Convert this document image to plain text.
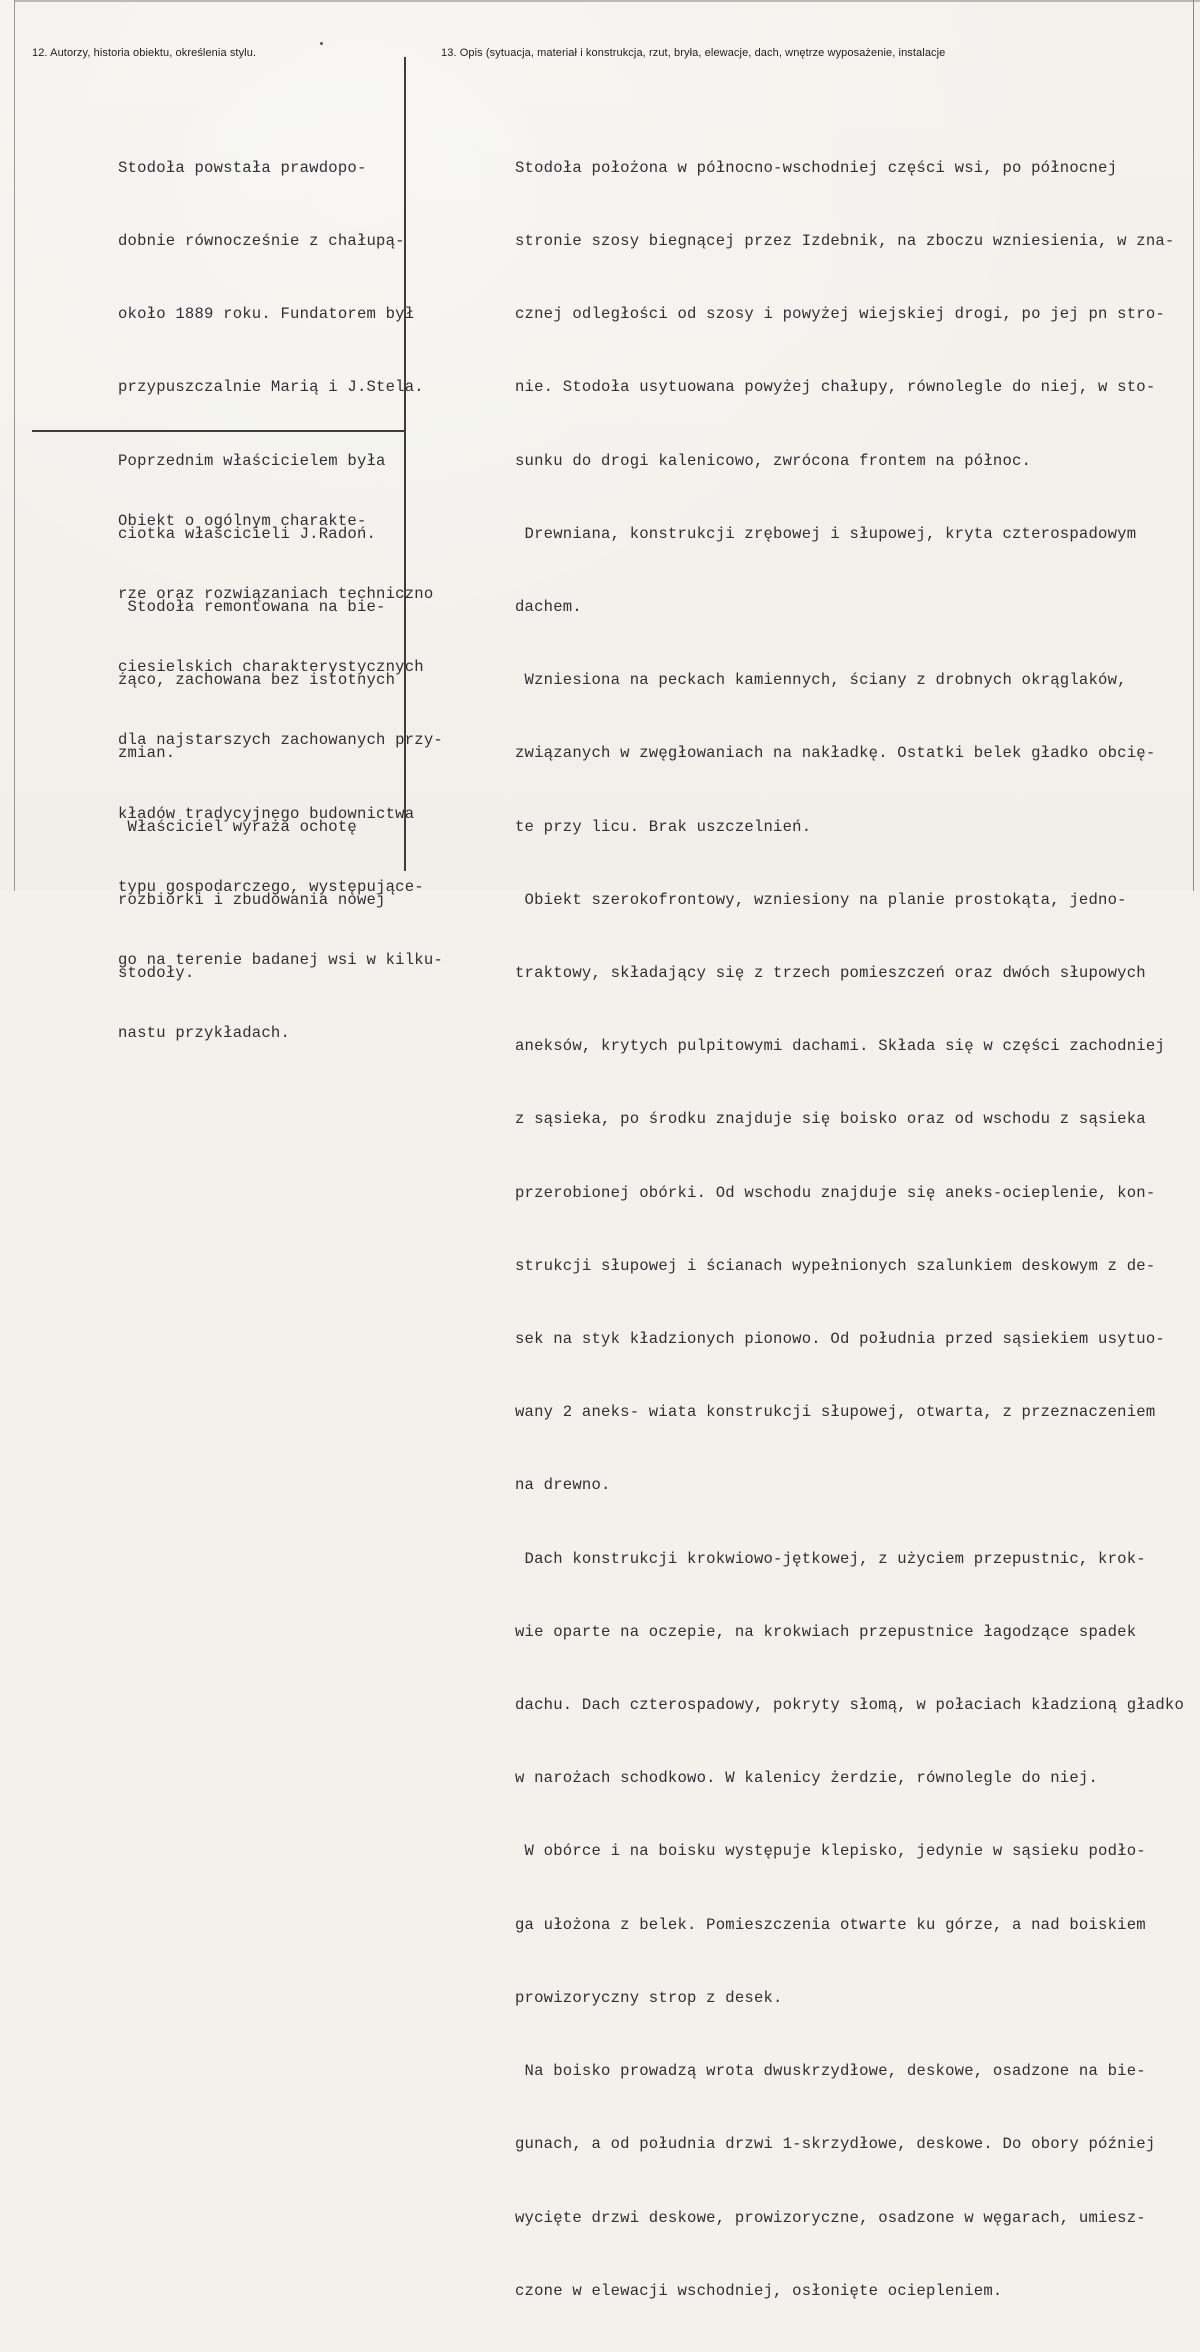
12. Autorzy, historia obiektu, określenia stylu.	13. Opis (sytuacja, materiał i konstrukcja, rzut, bryła, elewacje, dach, wnętrze wyposażenie, instalacje

Stodoła powstała prawdopo-

dobnie równocześnie z chałupą-

około 1889 roku. Fundatorem był

przypuszczalnie Marią i J.Stela.

Poprzednim właścicielem była

ciotka właścicieli J.Radoń.

Stodoła remontowana na bie-

żąco, zachowana bez istotnych

zmian.

Właściciel wyraża ochotę

rozbiórki i zbudowania nowej

stodoły.

Obiekt o ogólnym charakte-

rze oraz rozwiązaniach techniczno

ciesielskich charakterystycznych

dla najstarszych zachowanych przy-

kładów tradycyjnego budownictwa

typu gospodarczego, występujące-

go na terenie badanej wsi w kilku-

nastu przykładach.

Stodoła położona w północno-wschodniej części wsi, po północnej

stronie szosy biegnącej przez Izdebnik, na zboczu wzniesienia, w zna-

cznej odległości od szosy i powyżej wiejskiej drogi, po jej pn stro-

nie. Stodoła usytuowana powyżej chałupy, równolegle do niej, w sto-

sunku do drogi kalenicowo, zwrócona frontem na północ.

Drewniana, konstrukcji zrębowej i słupowej, kryta czterospadowym

dachem.

Wzniesiona na peckach kamiennych, ściany z drobnych okrąglaków,

związanych w zwęgłowaniach na nakładkę. Ostatki belek gładko obcię-

te przy licu. Brak uszczelnień.

Obiekt szerokofrontowy, wzniesiony na planie prostokąta, jedno-

traktowy, składający się z trzech pomieszczeń oraz dwóch słupowych

aneksów, krytych pulpitowymi dachami. Składa się w części zachodniej

z sąsieka, po środku znajduje się boisko oraz od wschodu z sąsieka

przerobionej obórki. Od wschodu znajduje się aneks-ocieplenie, kon-

strukcji słupowej i ścianach wypełnionych szalunkiem deskowym z de-

sek na styk kładzionych pionowo. Od południa przed sąsiekiem usytuo-

wany 2 aneks- wiata konstrukcji słupowej, otwarta, z przeznaczeniem

na drewno.

Dach konstrukcji krokwiowo-jętkowej, z użyciem przepustnic, krok-

wie oparte na oczepie, na krokwiach przepustnice łagodzące spadek

dachu. Dach czterospadowy, pokryty słomą, w połaciach kładzioną gładko

w narożach schodkowo. W kalenicy żerdzie, równolegle do niej.

W obórce i na boisku występuje klepisko, jedynie w sąsieku podło-

ga ułożona z belek. Pomieszczenia otwarte ku górze, a nad boiskiem

prowizoryczny strop z desek.

Na boisko prowadzą wrota dwuskrzydłowe, deskowe, osadzone na bie-

gunach, a od południa drzwi 1-skrzydłowe, deskowe. Do obory później

wycięte drzwi deskowe, prowizoryczne, osadzone w węgarach, umiesz-

czone w elewacji wschodniej, osłonięte ociepleniem.
